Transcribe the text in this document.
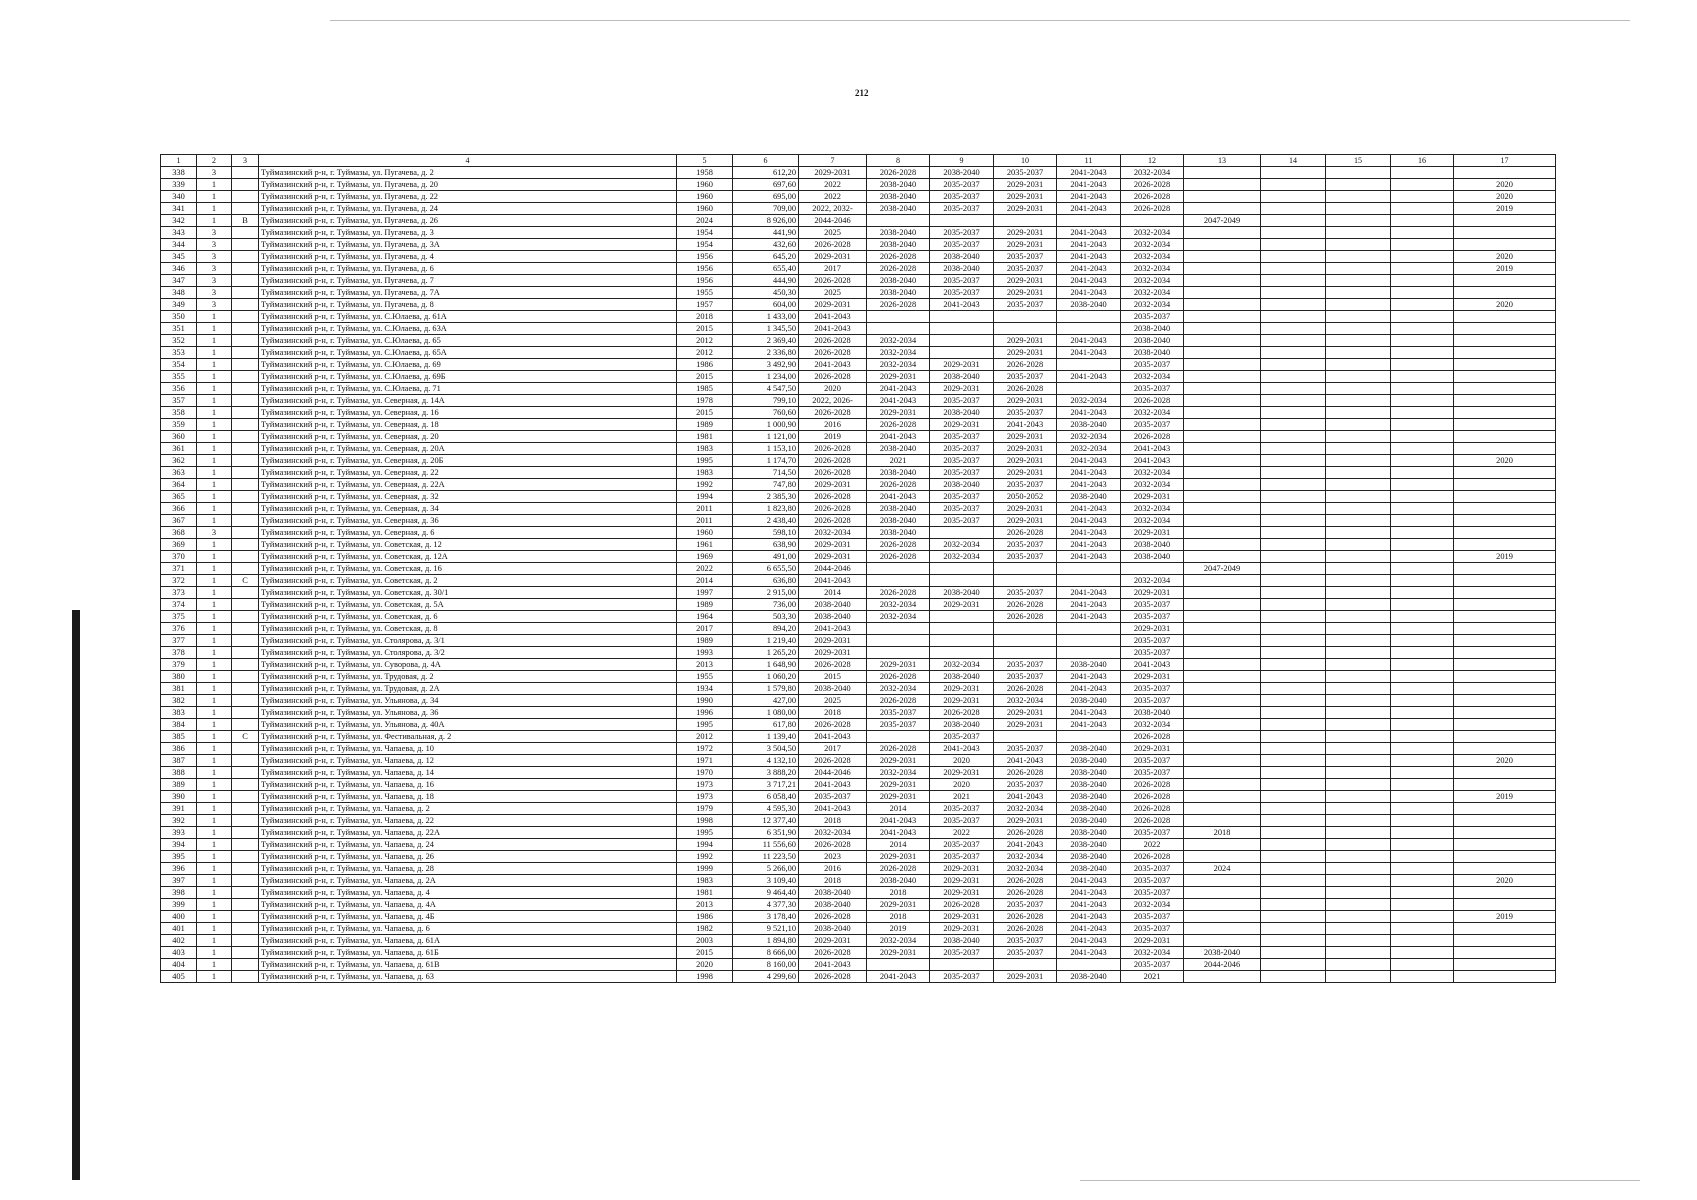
212
1	2	3	4	5	6	7	8	9	10	11	12	13	14	15	16	17
338	3		Туймазинский р-н, г. Туймазы, ул. Пугачева, д. 2	1958	612,20	2029-2031	2026-2028	2038-2040	2035-2037	2041-2043	2032-2034					
339	1		Туймазинский р-н, г. Туймазы, ул. Пугачева, д. 20	1960	697,60	2022	2038-2040	2035-2037	2029-2031	2041-2043	2026-2028					2020
340	1		Туймазинский р-н, г. Туймазы, ул. Пугачева, д. 22	1960	695,00	2022	2038-2040	2035-2037	2029-2031	2041-2043	2026-2028					2020
341	1		Туймазинский р-н, г. Туймазы, ул. Пугачева, д. 24	1960	709,00	2022, 2032-	2038-2040	2035-2037	2029-2031	2041-2043	2026-2028					2019
342	1	В	Туймазинский р-н, г. Туймазы, ул. Пугачева, д. 26	2024	8 926,00	2044-2046						2047-2049				
343	3		Туймазинский р-н, г. Туймазы, ул. Пугачева, д. 3	1954	441,90	2025	2038-2040	2035-2037	2029-2031	2041-2043	2032-2034					
344	3		Туймазинский р-н, г. Туймазы, ул. Пугачева, д. 3А	1954	432,60	2026-2028	2038-2040	2035-2037	2029-2031	2041-2043	2032-2034					
345	3		Туймазинский р-н, г. Туймазы, ул. Пугачева, д. 4	1956	645,20	2029-2031	2026-2028	2038-2040	2035-2037	2041-2043	2032-2034					2020
346	3		Туймазинский р-н, г. Туймазы, ул. Пугачева, д. 6	1956	655,40	2017	2026-2028	2038-2040	2035-2037	2041-2043	2032-2034					2019
347	3		Туймазинский р-н, г. Туймазы, ул. Пугачева, д. 7	1956	444,90	2026-2028	2038-2040	2035-2037	2029-2031	2041-2043	2032-2034					
348	3		Туймазинский р-н, г. Туймазы, ул. Пугачева, д. 7А	1955	450,30	2025	2038-2040	2035-2037	2029-2031	2041-2043	2032-2034					
349	3		Туймазинский р-н, г. Туймазы, ул. Пугачева, д. 8	1957	604,00	2029-2031	2026-2028	2041-2043	2035-2037	2038-2040	2032-2034					2020
350	1		Туймазинский р-н, г. Туймазы, ул. С.Юлаева, д. 61А	2018	1 433,00	2041-2043					2035-2037					
351	1		Туймазинский р-н, г. Туймазы, ул. С.Юлаева, д. 63А	2015	1 345,50	2041-2043					2038-2040					
352	1		Туймазинский р-н, г. Туймазы, ул. С.Юлаева, д. 65	2012	2 369,40	2026-2028	2032-2034		2029-2031	2041-2043	2038-2040					
353	1		Туймазинский р-н, г. Туймазы, ул. С.Юлаева, д. 65А	2012	2 336,80	2026-2028	2032-2034		2029-2031	2041-2043	2038-2040					
354	1		Туймазинский р-н, г. Туймазы, ул. С.Юлаева, д. 69	1986	3 492,90	2041-2043	2032-2034	2029-2031	2026-2028		2035-2037					
355	1		Туймазинский р-н, г. Туймазы, ул. С.Юлаева, д. 69Б	2015	1 234,00	2026-2028	2029-2031	2038-2040	2035-2037	2041-2043	2032-2034					
356	1		Туймазинский р-н, г. Туймазы, ул. С.Юлаева, д. 71	1985	4 547,50	2020	2041-2043	2029-2031	2026-2028		2035-2037					
357	1		Туймазинский р-н, г. Туймазы, ул. Северная, д. 14А	1978	799,10	2022, 2026-	2041-2043	2035-2037	2029-2031	2032-2034	2026-2028					
358	1		Туймазинский р-н, г. Туймазы, ул. Северная, д. 16	2015	760,60	2026-2028	2029-2031	2038-2040	2035-2037	2041-2043	2032-2034					
359	1		Туймазинский р-н, г. Туймазы, ул. Северная, д. 18	1989	1 000,90	2016	2026-2028	2029-2031	2041-2043	2038-2040	2035-2037					
360	1		Туймазинский р-н, г. Туймазы, ул. Северная, д. 20	1981	1 121,00	2019	2041-2043	2035-2037	2029-2031	2032-2034	2026-2028					
361	1		Туймазинский р-н, г. Туймазы, ул. Северная, д. 20А	1983	1 153,10	2026-2028	2038-2040	2035-2037	2029-2031	2032-2034	2041-2043					
362	1		Туймазинский р-н, г. Туймазы, ул. Северная, д. 20Б	1995	1 174,70	2026-2028	2021	2035-2037	2029-2031	2041-2043	2041-2043					2020
363	1		Туймазинский р-н, г. Туймазы, ул. Северная, д. 22	1983	714,50	2026-2028	2038-2040	2035-2037	2029-2031	2041-2043	2032-2034					
364	1		Туймазинский р-н, г. Туймазы, ул. Северная, д. 22А	1992	747,80	2029-2031	2026-2028	2038-2040	2035-2037	2041-2043	2032-2034					
365	1		Туймазинский р-н, г. Туймазы, ул. Северная, д. 32	1994	2 385,30	2026-2028	2041-2043	2035-2037	2050-2052	2038-2040	2029-2031					
366	1		Туймазинский р-н, г. Туймазы, ул. Северная, д. 34	2011	1 823,80	2026-2028	2038-2040	2035-2037	2029-2031	2041-2043	2032-2034					
367	1		Туймазинский р-н, г. Туймазы, ул. Северная, д. 36	2011	2 438,40	2026-2028	2038-2040	2035-2037	2029-2031	2041-2043	2032-2034					
368	3		Туймазинский р-н, г. Туймазы, ул. Северная, д. 6	1960	598,10	2032-2034	2038-2040		2026-2028	2041-2043	2029-2031					
369	1		Туймазинский р-н, г. Туймазы, ул. Советская, д. 12	1961	638,90	2029-2031	2026-2028	2032-2034	2035-2037	2041-2043	2038-2040					
370	1		Туймазинский р-н, г. Туймазы, ул. Советская, д. 12А	1969	491,00	2029-2031	2026-2028	2032-2034	2035-2037	2041-2043	2038-2040					2019
371	1		Туймазинский р-н, г. Туймазы, ул. Советская, д. 16	2022	6 655,50	2044-2046						2047-2049				
372	1	С	Туймазинский р-н, г. Туймазы, ул. Советская, д. 2	2014	636,80	2041-2043					2032-2034					
373	1		Туймазинский р-н, г. Туймазы, ул. Советская, д. 30/1	1997	2 915,00	2014	2026-2028	2038-2040	2035-2037	2041-2043	2029-2031					
374	1		Туймазинский р-н, г. Туймазы, ул. Советская, д. 5А	1989	736,00	2038-2040	2032-2034	2029-2031	2026-2028	2041-2043	2035-2037					
375	1		Туймазинский р-н, г. Туймазы, ул. Советская, д. 6	1964	503,30	2038-2040	2032-2034		2026-2028	2041-2043	2035-2037					
376	1		Туймазинский р-н, г. Туймазы, ул. Советская, д. 8	2017	894,20	2041-2043					2029-2031					
377	1		Туймазинский р-н, г. Туймазы, ул. Столярова, д. 3/1	1989	1 219,40	2029-2031					2035-2037					
378	1		Туймазинский р-н, г. Туймазы, ул. Столярова, д. 3/2	1993	1 265,20	2029-2031					2035-2037					
379	1		Туймазинский р-н, г. Туймазы, ул. Суворова, д. 4А	2013	1 648,90	2026-2028	2029-2031	2032-2034	2035-2037	2038-2040	2041-2043					
380	1		Туймазинский р-н, г. Туймазы, ул. Трудовая, д. 2	1955	1 060,20	2015	2026-2028	2038-2040	2035-2037	2041-2043	2029-2031					
381	1		Туймазинский р-н, г. Туймазы, ул. Трудовая, д. 2А	1934	1 579,80	2038-2040	2032-2034	2029-2031	2026-2028	2041-2043	2035-2037					
382	1		Туймазинский р-н, г. Туймазы, ул. Ульянова, д. 34	1990	427,00	2025	2026-2028	2029-2031	2032-2034	2038-2040	2035-2037					
383	1		Туймазинский р-н, г. Туймазы, ул. Ульянова, д. 36	1996	1 080,00	2018	2035-2037	2026-2028	2029-2031	2041-2043	2038-2040					
384	1		Туймазинский р-н, г. Туймазы, ул. Ульянова, д. 40А	1995	617,80	2026-2028	2035-2037	2038-2040	2029-2031	2041-2043	2032-2034					
385	1	С	Туймазинский р-н, г. Туймазы, ул. Фестивальная, д. 2	2012	1 139,40	2041-2043		2035-2037			2026-2028					
386	1		Туймазинский р-н, г. Туймазы, ул. Чапаева, д. 10	1972	3 504,50	2017	2026-2028	2041-2043	2035-2037	2038-2040	2029-2031					
387	1		Туймазинский р-н, г. Туймазы, ул. Чапаева, д. 12	1971	4 132,10	2026-2028	2029-2031	2020	2041-2043	2038-2040	2035-2037					2020
388	1		Туймазинский р-н, г. Туймазы, ул. Чапаева, д. 14	1970	3 888,20	2044-2046	2032-2034	2029-2031	2026-2028	2038-2040	2035-2037					
389	1		Туймазинский р-н, г. Туймазы, ул. Чапаева, д. 16	1973	3 717,21	2041-2043	2029-2031	2020	2035-2037	2038-2040	2026-2028					
390	1		Туймазинский р-н, г. Туймазы, ул. Чапаева, д. 18	1973	6 058,40	2035-2037	2029-2031	2021	2041-2043	2038-2040	2026-2028					2019
391	1		Туймазинский р-н, г. Туймазы, ул. Чапаева, д. 2	1979	4 595,30	2041-2043	2014	2035-2037	2032-2034	2038-2040	2026-2028					
392	1		Туймазинский р-н, г. Туймазы, ул. Чапаева, д. 22	1998	12 377,40	2018	2041-2043	2035-2037	2029-2031	2038-2040	2026-2028					
393	1		Туймазинский р-н, г. Туймазы, ул. Чапаева, д. 22А	1995	6 351,90	2032-2034	2041-2043	2022	2026-2028	2038-2040	2035-2037	2018				
394	1		Туймазинский р-н, г. Туймазы, ул. Чапаева, д. 24	1994	11 556,60	2026-2028	2014	2035-2037	2041-2043	2038-2040	2022					
395	1		Туймазинский р-н, г. Туймазы, ул. Чапаева, д. 26	1992	11 223,50	2023	2029-2031	2035-2037	2032-2034	2038-2040	2026-2028					
396	1		Туймазинский р-н, г. Туймазы, ул. Чапаева, д. 28	1999	5 266,00	2016	2026-2028	2029-2031	2032-2034	2038-2040	2035-2037	2024				
397	1		Туймазинский р-н, г. Туймазы, ул. Чапаева, д. 2А	1983	3 109,40	2018	2038-2040	2029-2031	2026-2028	2041-2043	2035-2037					2020
398	1		Туймазинский р-н, г. Туймазы, ул. Чапаева, д. 4	1981	9 464,40	2038-2040	2018	2029-2031	2026-2028	2041-2043	2035-2037					
399	1		Туймазинский р-н, г. Туймазы, ул. Чапаева, д. 4А	2013	4 377,30	2038-2040	2029-2031	2026-2028	2035-2037	2041-2043	2032-2034					
400	1		Туймазинский р-н, г. Туймазы, ул. Чапаева, д. 4Б	1986	3 178,40	2026-2028	2018	2029-2031	2026-2028	2041-2043	2035-2037					2019
401	1		Туймазинский р-н, г. Туймазы, ул. Чапаева, д. 6	1982	9 521,10	2038-2040	2019	2029-2031	2026-2028	2041-2043	2035-2037					
402	1		Туймазинский р-н, г. Туймазы, ул. Чапаева, д. 61А	2003	1 894,80	2029-2031	2032-2034	2038-2040	2035-2037	2041-2043	2029-2031					
403	1		Туймазинский р-н, г. Туймазы, ул. Чапаева, д. 61Б	2015	8 666,00	2026-2028	2029-2031	2035-2037	2035-2037	2041-2043	2032-2034	2038-2040				
404	1		Туймазинский р-н, г. Туймазы, ул. Чапаева, д. 61В	2020	8 160,00	2041-2043					2035-2037	2044-2046				
405	1		Туймазинский р-н, г. Туймазы, ул. Чапаева, д. 63	1998	4 299,60	2026-2028	2041-2043	2035-2037	2029-2031	2038-2040	2021					
